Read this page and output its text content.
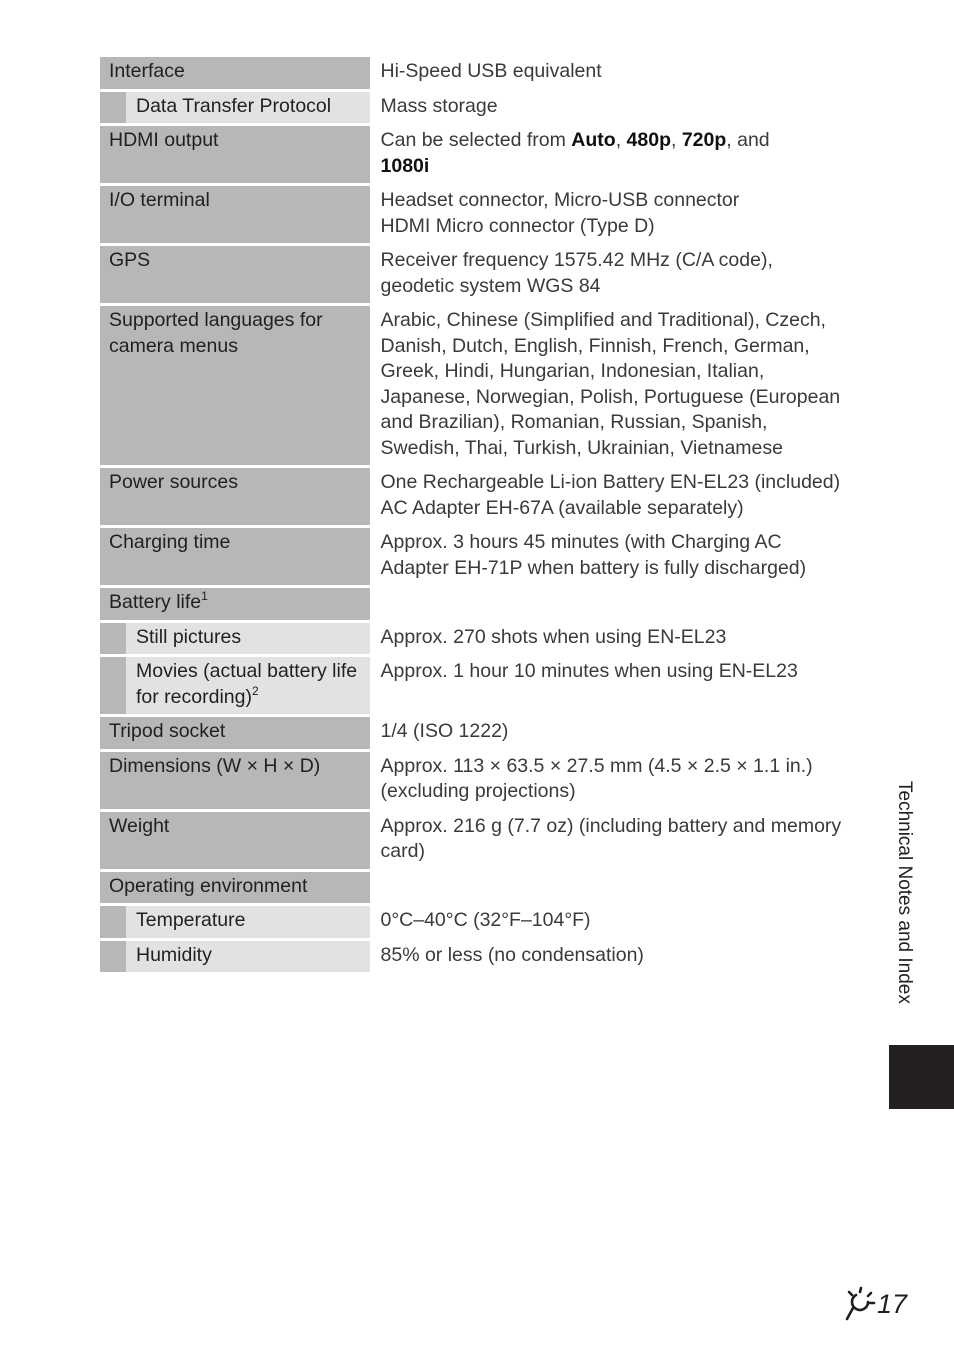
Interface		Hi-Speed USB equivalent
	Data Transfer Protocol	Mass storage
HDMI output		Can be selected from Auto, 480p, 720p, and
1080i
I/O terminal		Headset connector, Micro-USB connector
HDMI Micro connector (Type D)
GPS		Receiver frequency 1575.42 MHz (C/A code), geodetic system WGS 84
Supported languages for camera menus		Arabic, Chinese (Simplified and Traditional), Czech, Danish, Dutch, English, Finnish, French, German, Greek, Hindi, Hungarian, Indonesian, Italian, Japanese, Norwegian, Polish, Portuguese (European and Brazilian), Romanian, Russian, Spanish, Swedish, Thai, Turkish, Ukrainian, Vietnamese
Power sources		One Rechargeable Li-ion Battery EN-EL23 (included)
AC Adapter EH-67A (available separately)
Charging time		Approx. 3 hours 45 minutes (with Charging AC Adapter EH-71P when battery is fully discharged)
Battery life$^1$	
	Still pictures	Approx. 270 shots when using EN-EL23
	Movies (actual battery life for recording)$^2$	Approx. 1 hour 10 minutes when using EN-EL23
Tripod socket		1/4 (ISO 1222)
Dimensions (W × H × D)		Approx. 113 × 63.5 × 27.5 mm (4.5 × 2.5 × 1.1 in.) (excluding projections)
Weight		Approx. 216 g (7.7 oz) (including battery and memory card)
Operating environment		
	Temperature	0°C–40°C (32°F–104°F)
	Humidity	85% or less (no condensation)	Technical Notes and Index
17
